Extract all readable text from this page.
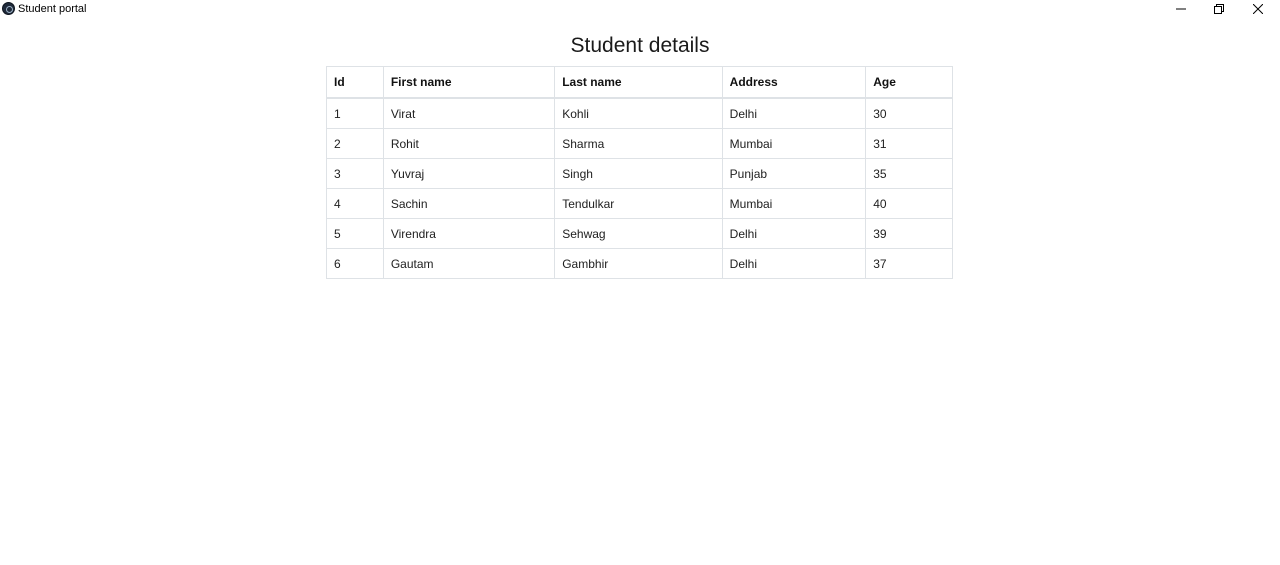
Student portal
Student details
Id	First name	Last name	Address	Age
1	Virat	Kohli	Delhi	30
2	Rohit	Sharma	Mumbai	31
3	Yuvraj	Singh	Punjab	35
4	Sachin	Tendulkar	Mumbai	40
5	Virendra	Sehwag	Delhi	39
6	Gautam	Gambhir	Delhi	37
